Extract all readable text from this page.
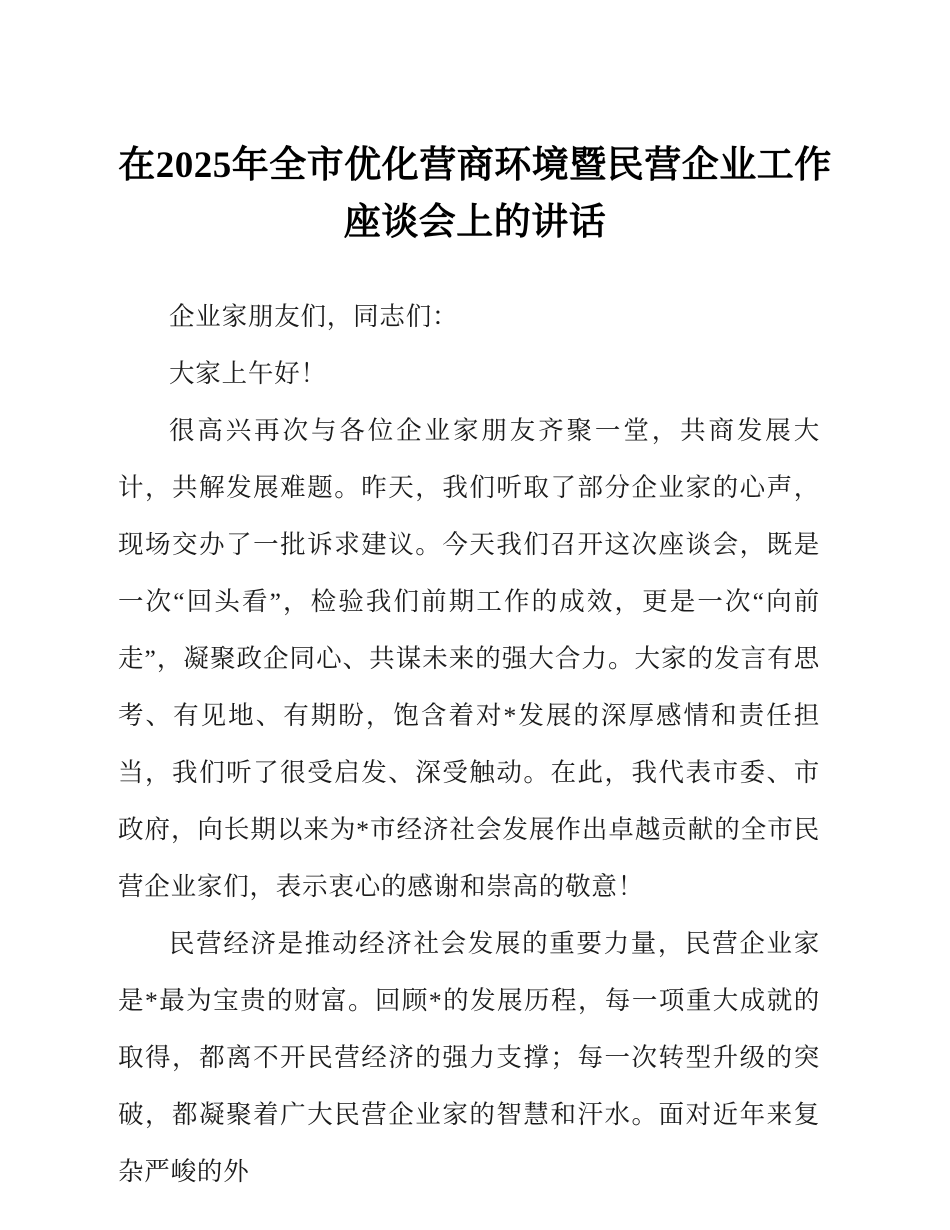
在2025年全市优化营商环境暨民营企业工作
座谈会上的讲话

企业家朋友们，同志们：

大家上午好！

很高兴再次与各位企业家朋友齐聚一堂，共商发展大计，共解发展难题。昨天，我们听取了部分企业家的心声，现场交办了一批诉求建议。今天我们召开这次座谈会，既是一次“回头看”，检验我们前期工作的成效，更是一次“向前走”，凝聚政企同心、共谋未来的强大合力。大家的发言有思考、有见地、有期盼，饱含着对*发展的深厚感情和责任担当，我们听了很受启发、深受触动。在此，我代表市委、市政府，向长期以来为*市经济社会发展作出卓越贡献的全市民营企业家们，表示衷心的感谢和崇高的敬意！

民营经济是推动经济社会发展的重要力量，民营企业家是*最为宝贵的财富。回顾*的发展历程，每一项重大成就的取得，都离不开民营经济的强力支撑；每一次转型升级的突破，都凝聚着广大民营企业家的智慧和汗水。面对近年来复杂严峻的外
